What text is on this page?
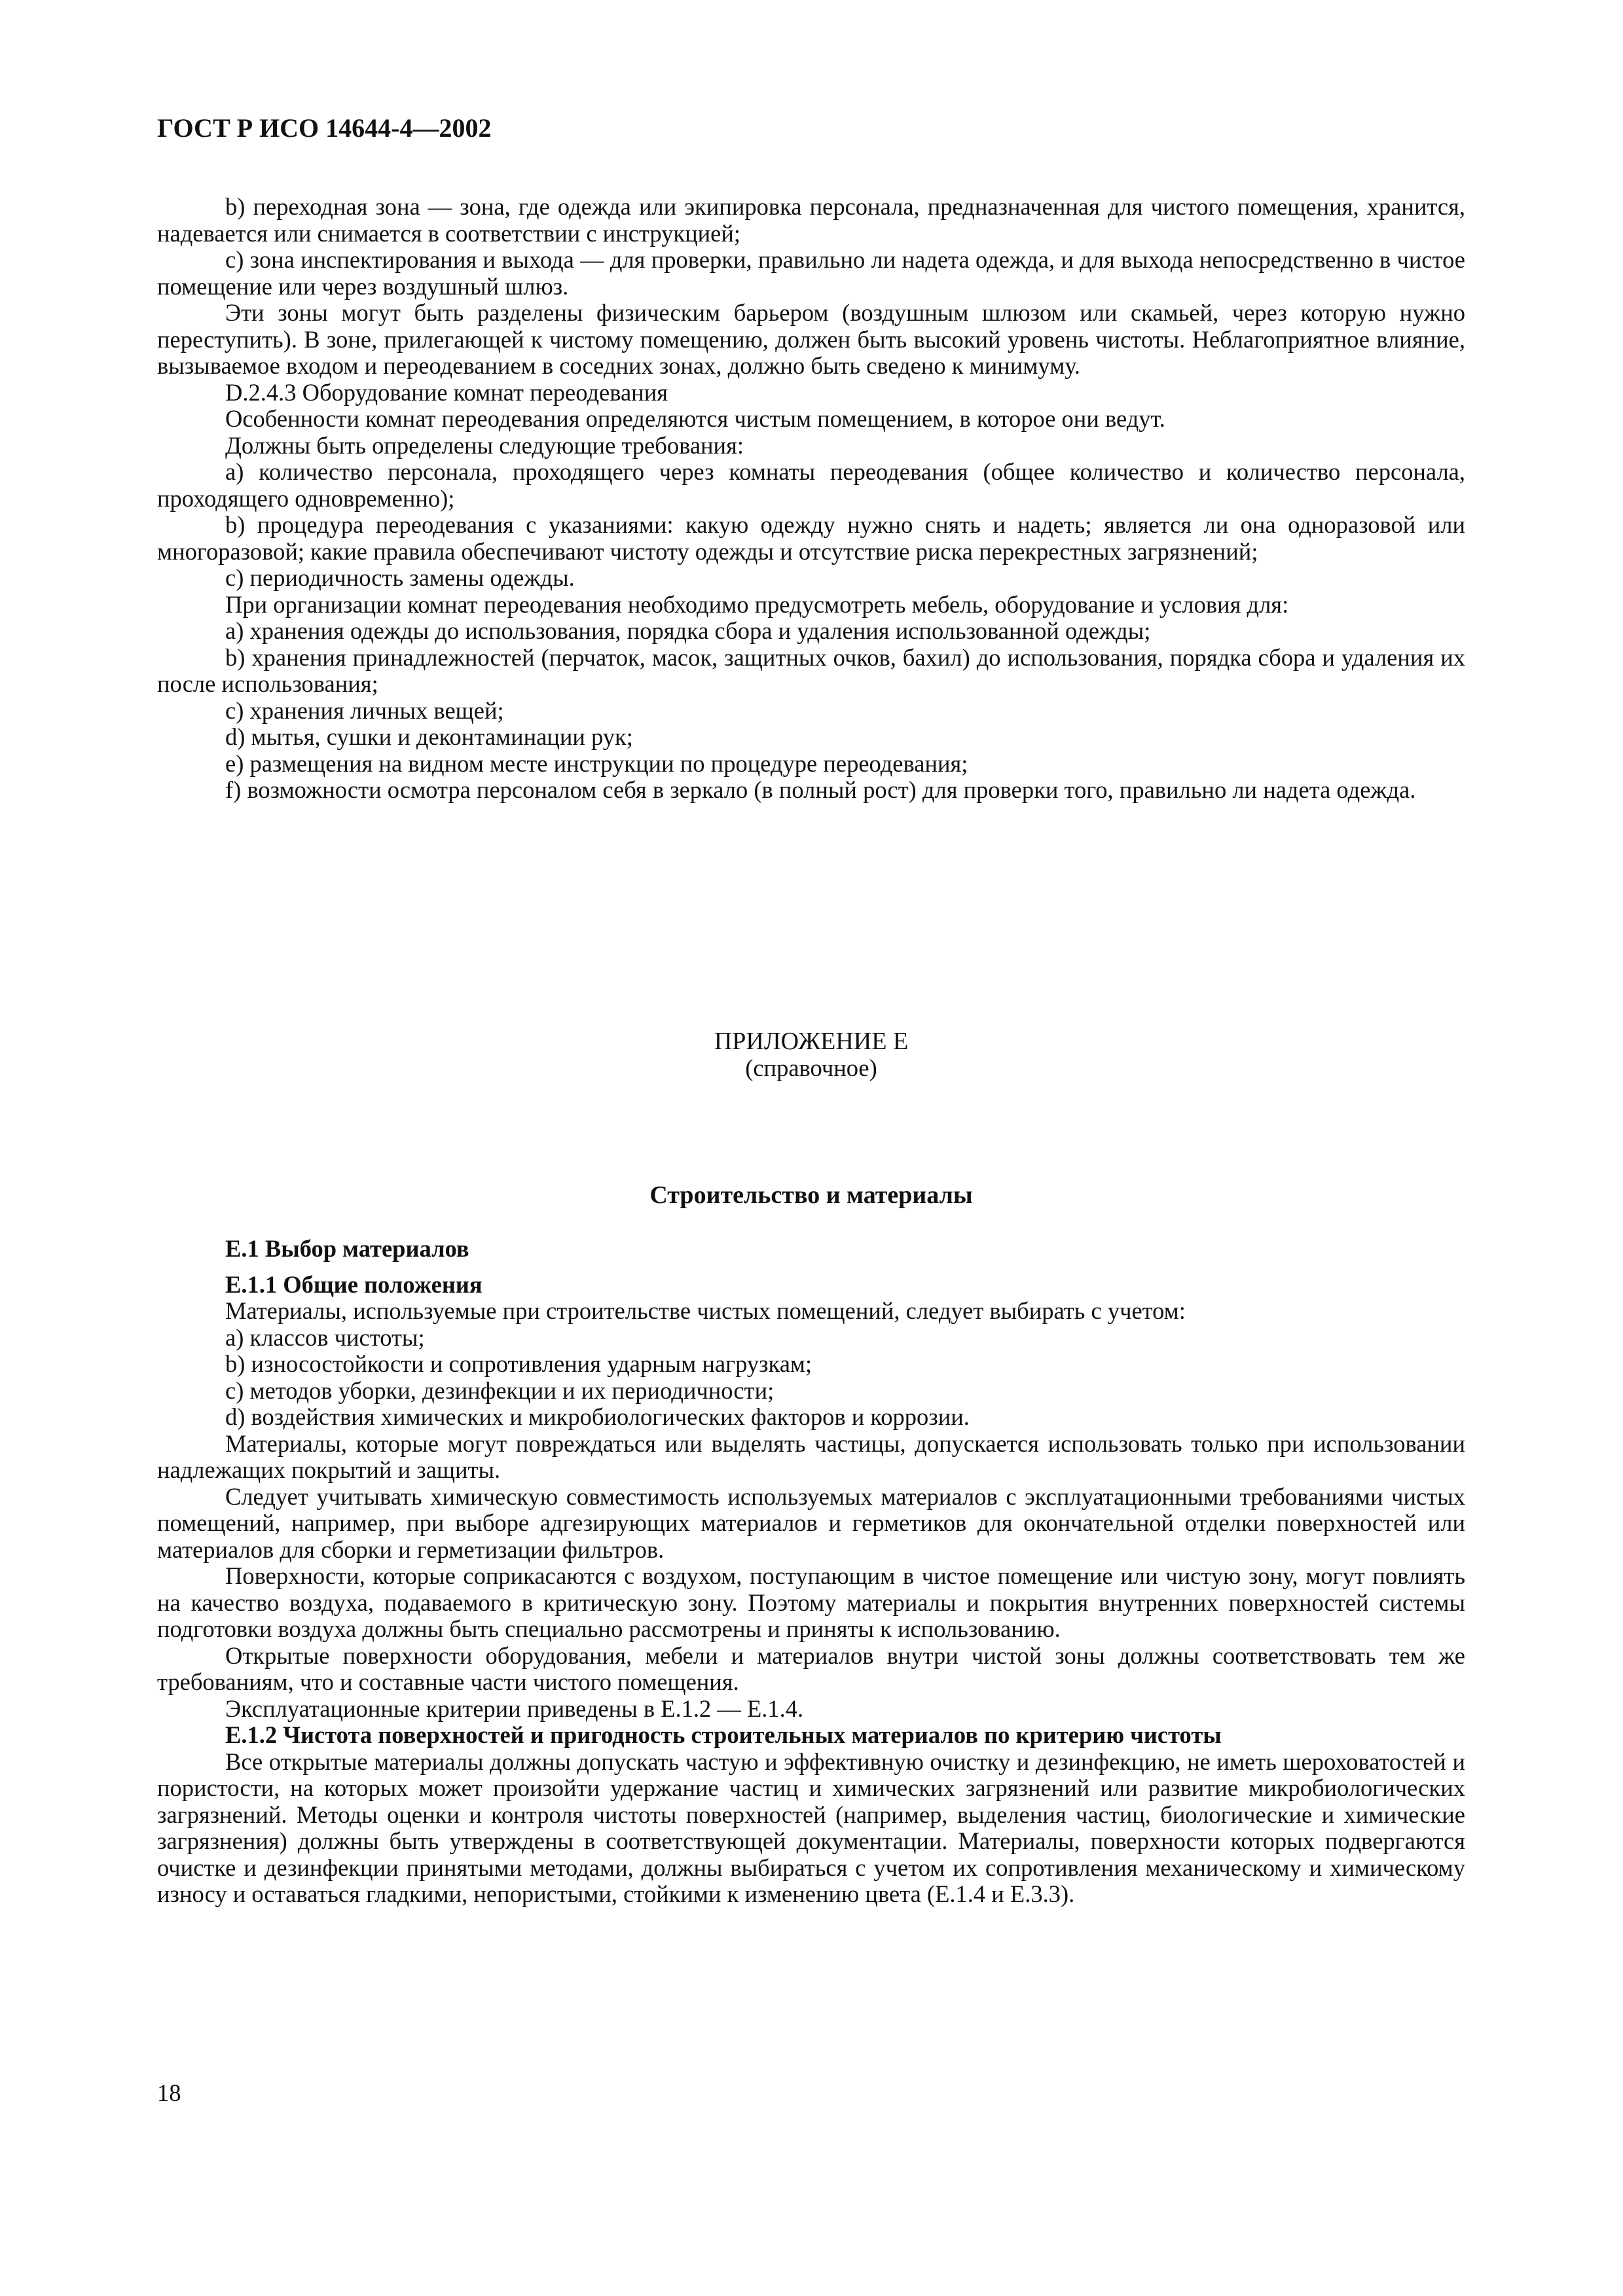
ГОСТ Р ИСО 14644-4—2002

b) переходная зона — зона, где одежда или экипировка персонала, предназначенная для чистого помещения, хранится, надевается или снимается в соответствии с инструкцией;

c) зона инспектирования и выхода — для проверки, правильно ли надета одежда, и для выхода непосредственно в чистое помещение или через воздушный шлюз.

Эти зоны могут быть разделены физическим барьером (воздушным шлюзом или скамьей, через которую нужно переступить). В зоне, прилегающей к чистому помещению, должен быть высокий уровень чистоты. Неблагоприятное влияние, вызываемое входом и переодеванием в соседних зонах, должно быть сведено к минимуму.

D.2.4.3 Оборудование комнат переодевания

Особенности комнат переодевания определяются чистым помещением, в которое они ведут.

Должны быть определены следующие требования:

a) количество персонала, проходящего через комнаты переодевания (общее количество и количество персонала, проходящего одновременно);

b) процедура переодевания с указаниями: какую одежду нужно снять и надеть; является ли она одноразовой или многоразовой; какие правила обеспечивают чистоту одежды и отсутствие риска перекрестных загрязнений;

c) периодичность замены одежды.

При организации комнат переодевания необходимо предусмотреть мебель, оборудование и условия для:

a) хранения одежды до использования, порядка сбора и удаления использованной одежды;

b) хранения принадлежностей (перчаток, масок, защитных очков, бахил) до использования, порядка сбора и удаления их после использования;

c) хранения личных вещей;

d) мытья, сушки и деконтаминации рук;

e) размещения на видном месте инструкции по процедуре переодевания;

f) возможности осмотра персоналом себя в зеркало (в полный рост) для проверки того, правильно ли надета одежда.

ПРИЛОЖЕНИЕ Е

(справочное)

Строительство и материалы

Е.1 Выбор материалов

Е.1.1 Общие положения

Материалы, используемые при строительстве чистых помещений, следует выбирать с учетом:

a) классов чистоты;

b) износостойкости и сопротивления ударным нагрузкам;

c) методов уборки, дезинфекции и их периодичности;

d) воздействия химических и микробиологических факторов и коррозии.

Материалы, которые могут повреждаться или выделять частицы, допускается использовать только при использовании надлежащих покрытий и защиты.

Следует учитывать химическую совместимость используемых материалов с эксплуатационными требованиями чистых помещений, например, при выборе адгезирующих материалов и герметиков для окончательной отделки поверхностей или материалов для сборки и герметизации фильтров.

Поверхности, которые соприкасаются с воздухом, поступающим в чистое помещение или чистую зону, могут повлиять на качество воздуха, подаваемого в критическую зону. Поэтому материалы и покрытия внутренних поверхностей системы подготовки воздуха должны быть специально рассмотрены и приняты к использованию.

Открытые поверхности оборудования, мебели и материалов внутри чистой зоны должны соответствовать тем же требованиям, что и составные части чистого помещения.

Эксплуатационные критерии приведены в Е.1.2 — Е.1.4.

Е.1.2 Чистота поверхностей и пригодность строительных материалов по критерию чистоты

Все открытые материалы должны допускать частую и эффективную очистку и дезинфекцию, не иметь шероховатостей и пористости, на которых может произойти удержание частиц и химических загрязнений или развитие микробиологических загрязнений. Методы оценки и контроля чистоты поверхностей (например, выделения частиц, биологические и химические загрязнения) должны быть утверждены в соответствующей документации. Материалы, поверхности которых подвергаются очистке и дезинфекции принятыми методами, должны выбираться с учетом их сопротивления механическому и химическому износу и оставаться гладкими, непористыми, стойкими к изменению цвета (Е.1.4 и Е.3.3).

18
